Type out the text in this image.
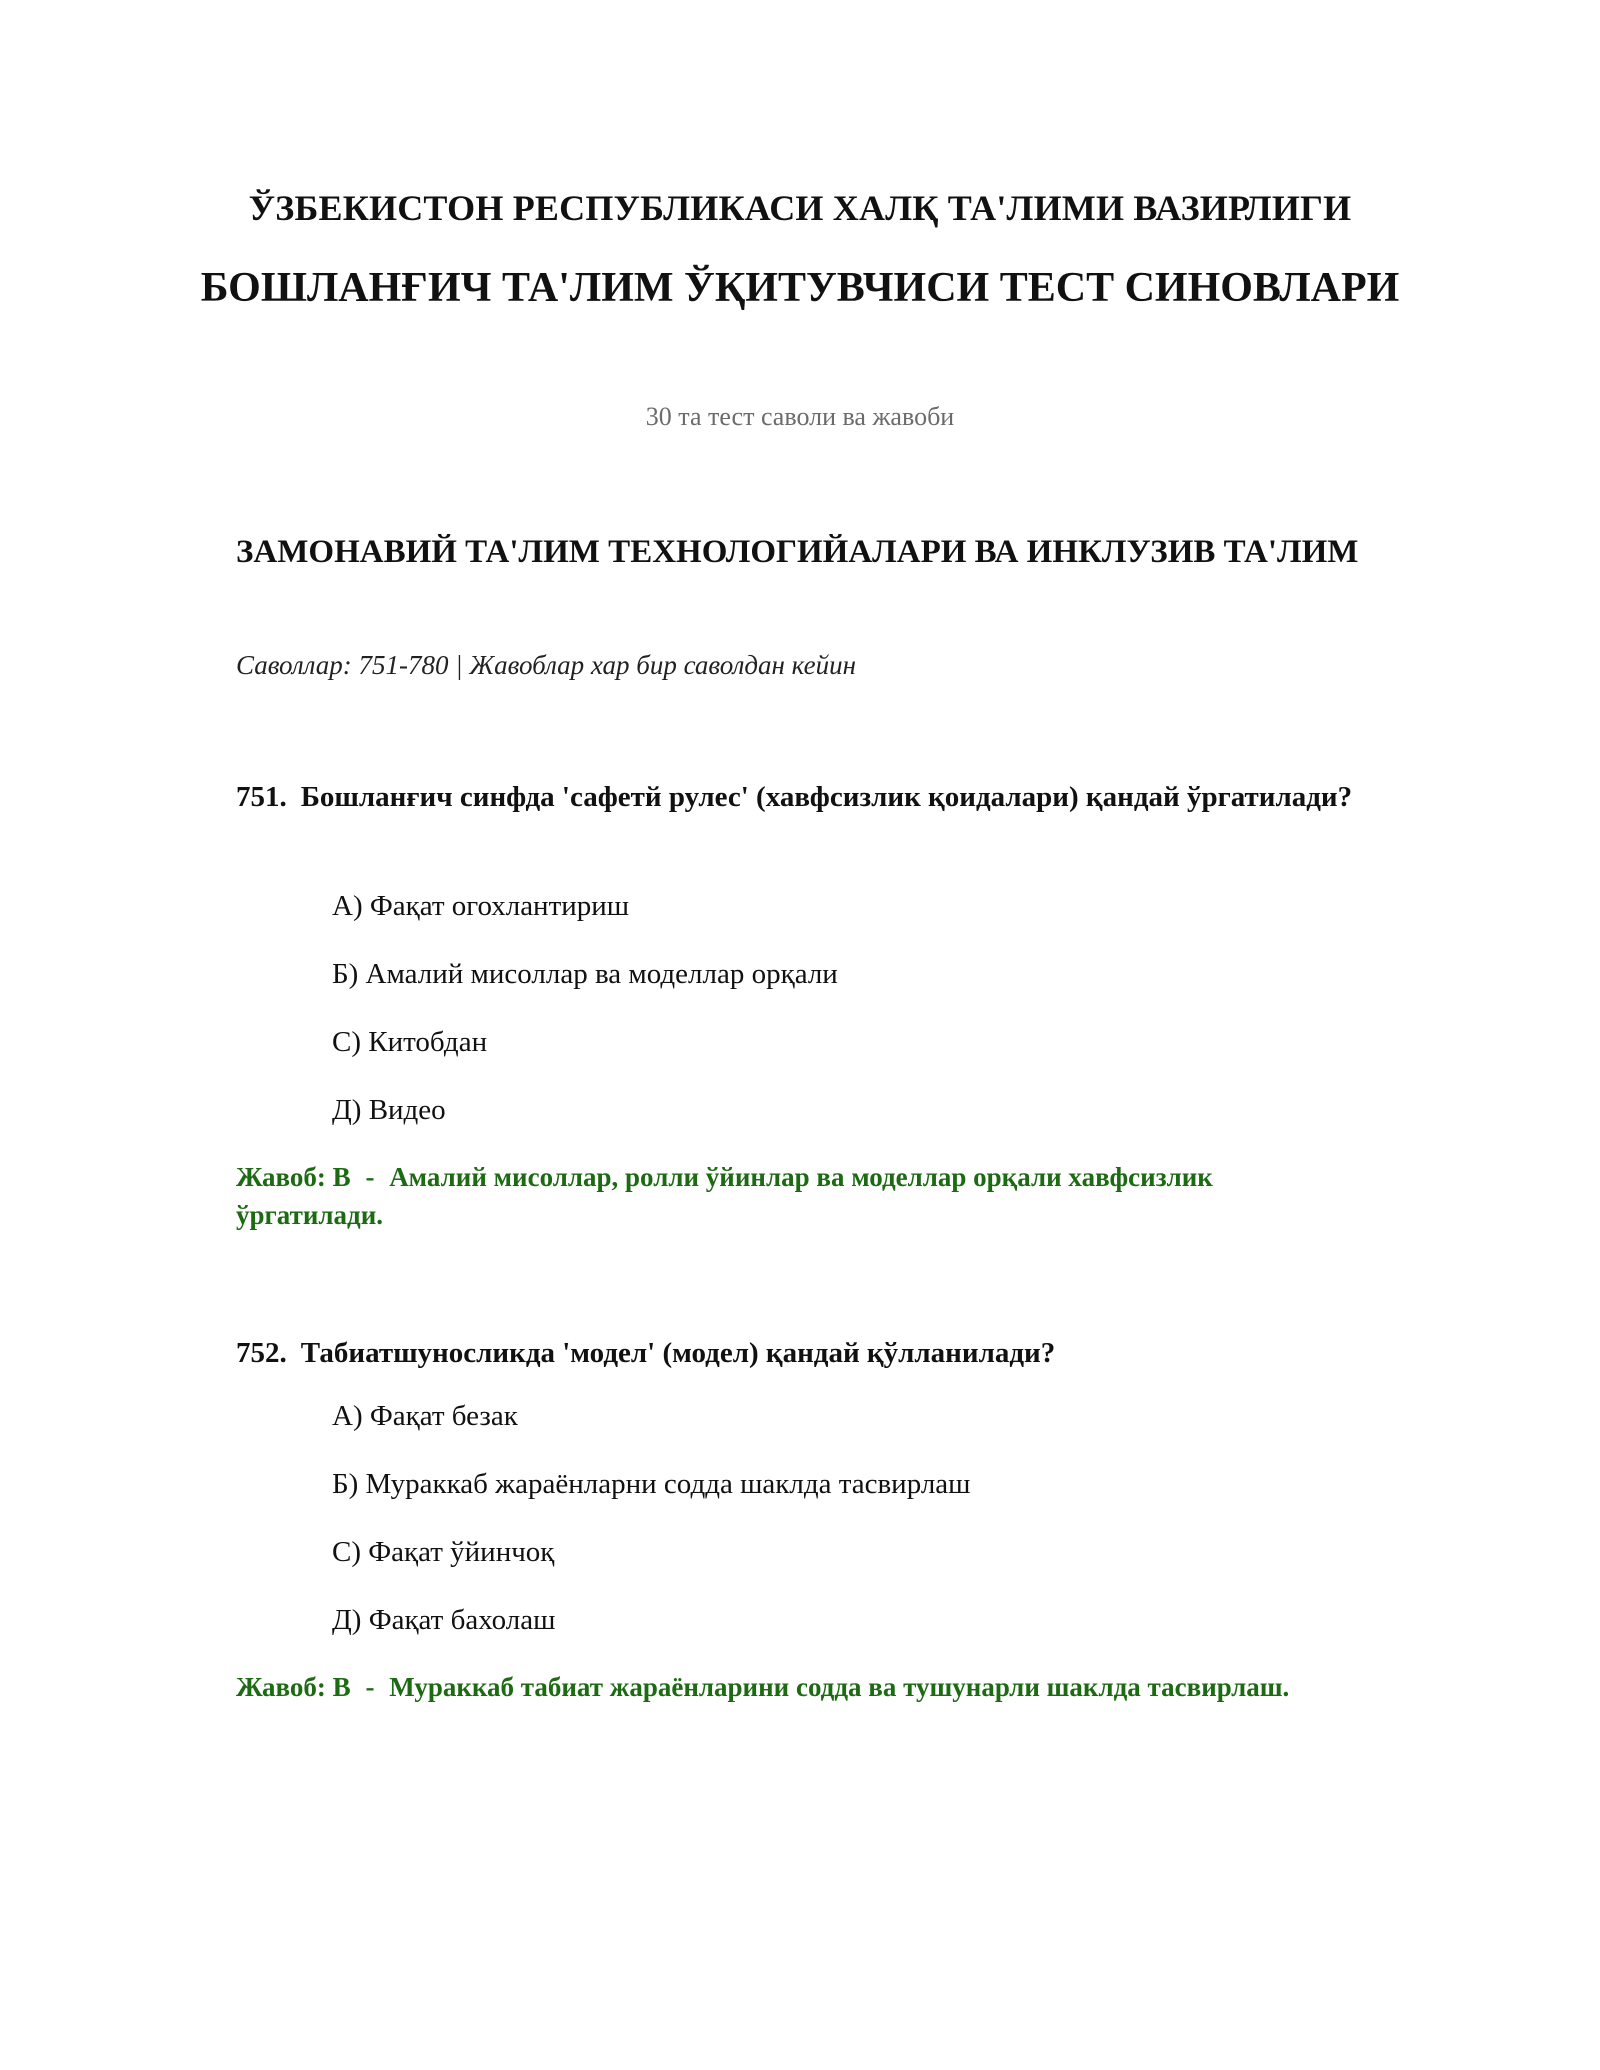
ЎЗБЕКИСТОН РЕСПУБЛИКАСИ ХАЛҚ ТА'ЛИМИ ВАЗИРЛИГИ
БОШЛАНҒИЧ ТА'ЛИМ ЎҚИТУВЧИСИ ТЕСТ СИНОВЛАРИ
30 та тест саволи ва жавоби
ЗАМОНАВИЙ ТА'ЛИМ ТЕХНОЛОГИЙАЛАРИ ВА ИНКЛУЗИВ ТА'ЛИМ
Саволлар: 751-780 | Жавоблар хар бир саволдан кейин
751. Бошланғич синфда 'сафетй рулес' (хавфсизлик қоидалари) қандай ўргатилади?
А) Фақат огохлантириш
Б) Амалий мисоллар ва моделлар орқали
С) Китобдан
Д) Видео
Жавоб: B - Амалий мисоллар, ролли ўйинлар ва моделлар орқали хавфсизлик ўргатилади.
752. Табиатшуносликда 'модел' (модел) қандай қўлланилади?
А) Фақат безак
Б) Мураккаб жараёнларни содда шаклда тасвирлаш
С) Фақат ўйинчоқ
Д) Фақат бахолаш
Жавоб: B - Мураккаб табиат жараёнларини содда ва тушунарли шаклда тасвирлаш.
